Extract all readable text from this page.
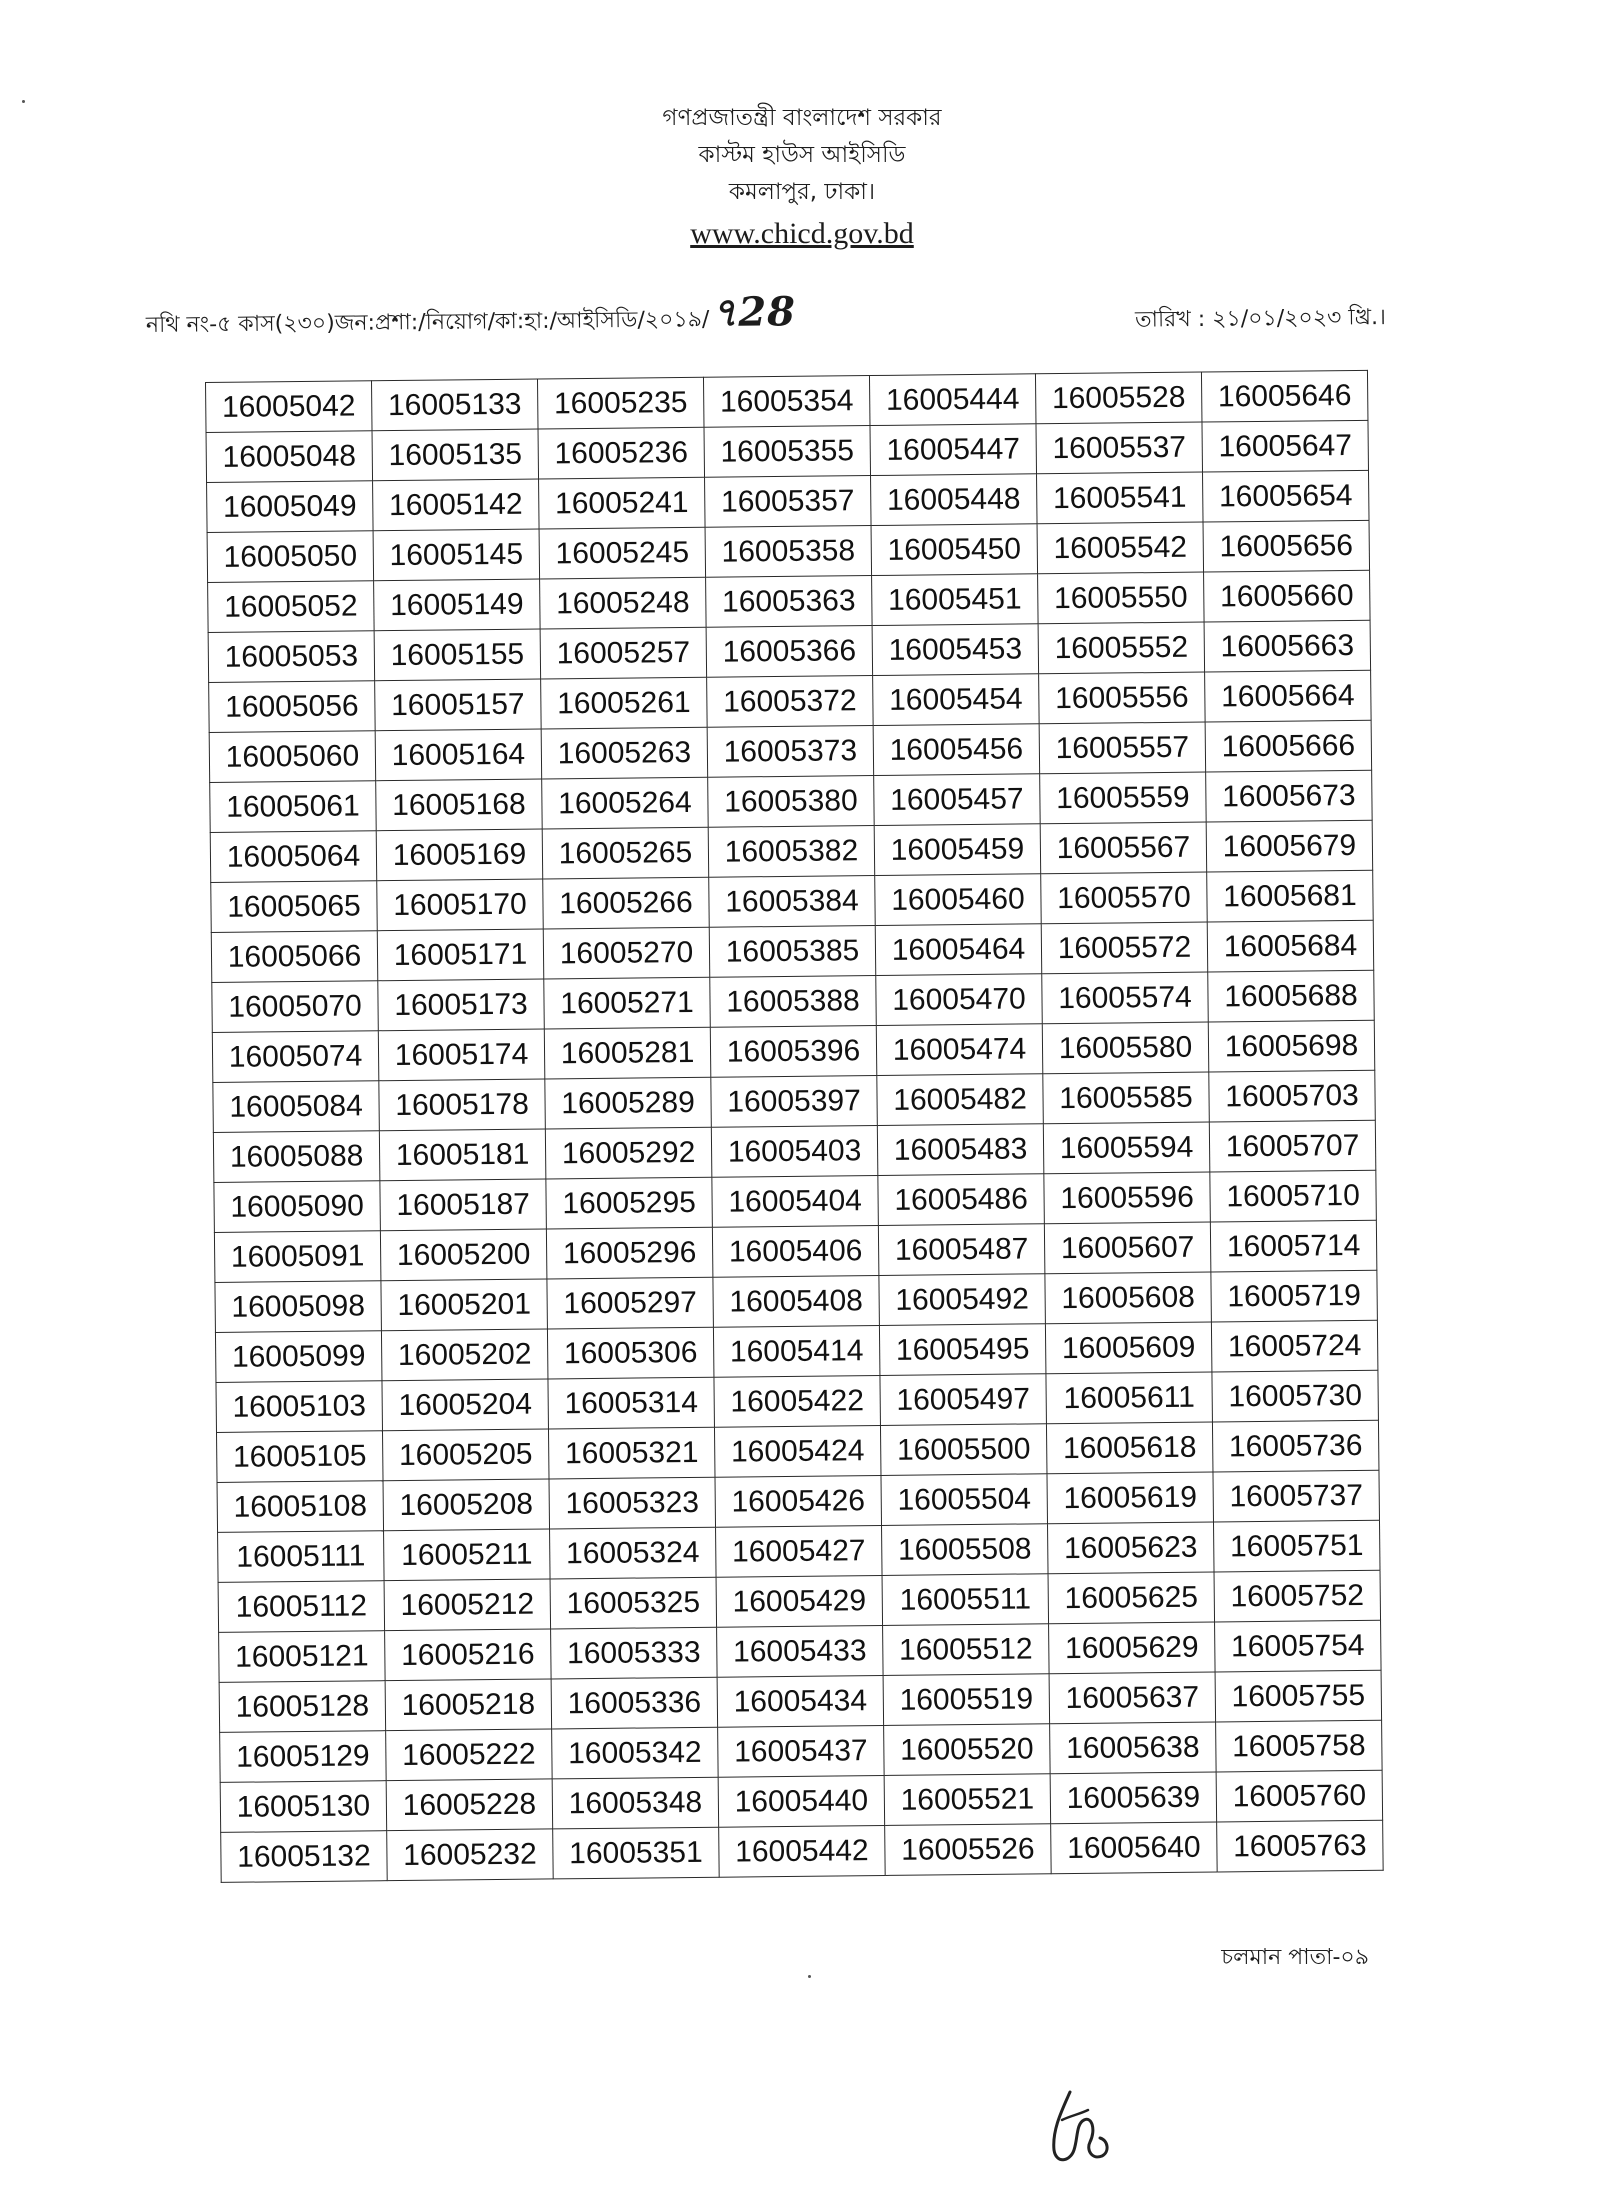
গণপ্রজাতন্ত্রী বাংলাদেশ সরকার
কাস্টম হাউস আইসিডি
কমলাপুর, ঢাকা।
www.chicd.gov.bd
নথি নং-৫ কাস(২৩০)জন:প্রশা:/নিয়োগ/কা:হা:/আইসিডি/২০১৯/৭28	তারিখ : ২১/০১/২০২৩ খ্রি.।
16005042	16005133	16005235	16005354	16005444	16005528	16005646
16005048	16005135	16005236	16005355	16005447	16005537	16005647
16005049	16005142	16005241	16005357	16005448	16005541	16005654
16005050	16005145	16005245	16005358	16005450	16005542	16005656
16005052	16005149	16005248	16005363	16005451	16005550	16005660
16005053	16005155	16005257	16005366	16005453	16005552	16005663
16005056	16005157	16005261	16005372	16005454	16005556	16005664
16005060	16005164	16005263	16005373	16005456	16005557	16005666
16005061	16005168	16005264	16005380	16005457	16005559	16005673
16005064	16005169	16005265	16005382	16005459	16005567	16005679
16005065	16005170	16005266	16005384	16005460	16005570	16005681
16005066	16005171	16005270	16005385	16005464	16005572	16005684
16005070	16005173	16005271	16005388	16005470	16005574	16005688
16005074	16005174	16005281	16005396	16005474	16005580	16005698
16005084	16005178	16005289	16005397	16005482	16005585	16005703
16005088	16005181	16005292	16005403	16005483	16005594	16005707
16005090	16005187	16005295	16005404	16005486	16005596	16005710
16005091	16005200	16005296	16005406	16005487	16005607	16005714
16005098	16005201	16005297	16005408	16005492	16005608	16005719
16005099	16005202	16005306	16005414	16005495	16005609	16005724
16005103	16005204	16005314	16005422	16005497	16005611	16005730
16005105	16005205	16005321	16005424	16005500	16005618	16005736
16005108	16005208	16005323	16005426	16005504	16005619	16005737
16005111	16005211	16005324	16005427	16005508	16005623	16005751
16005112	16005212	16005325	16005429	16005511	16005625	16005752
16005121	16005216	16005333	16005433	16005512	16005629	16005754
16005128	16005218	16005336	16005434	16005519	16005637	16005755
16005129	16005222	16005342	16005437	16005520	16005638	16005758
16005130	16005228	16005348	16005440	16005521	16005639	16005760
16005132	16005232	16005351	16005442	16005526	16005640	16005763
চলমান পাতা-০৯
